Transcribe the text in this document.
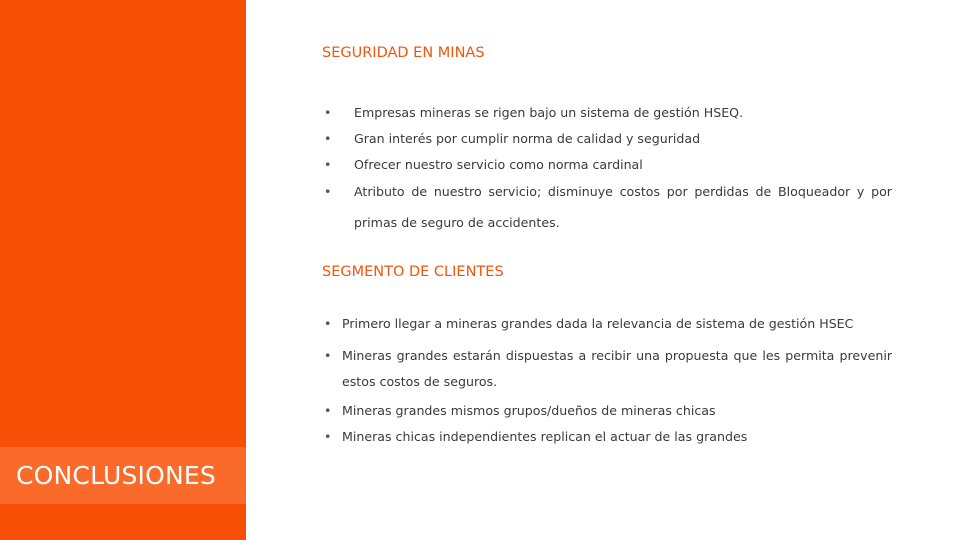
CONCLUSIONES
SEGURIDAD EN MINAS
• Empresas mineras se rigen bajo un sistema de gestión HSEQ.
• Gran interés por cumplir norma de calidad y seguridad
• Ofrecer nuestro servicio como norma cardinal
• Atributo de nuestro servicio; disminuye costos por perdidas de Bloqueador y por primas de seguro de accidentes.
SEGMENTO DE CLIENTES
• Primero llegar a mineras grandes dada la relevancia de sistema de gestión HSEC
• Mineras grandes estarán dispuestas a recibir una propuesta que les permita prevenir estos costos de seguros.
• Mineras grandes mismos grupos/dueños de mineras chicas
• Mineras chicas independientes replican el actuar de las grandes
